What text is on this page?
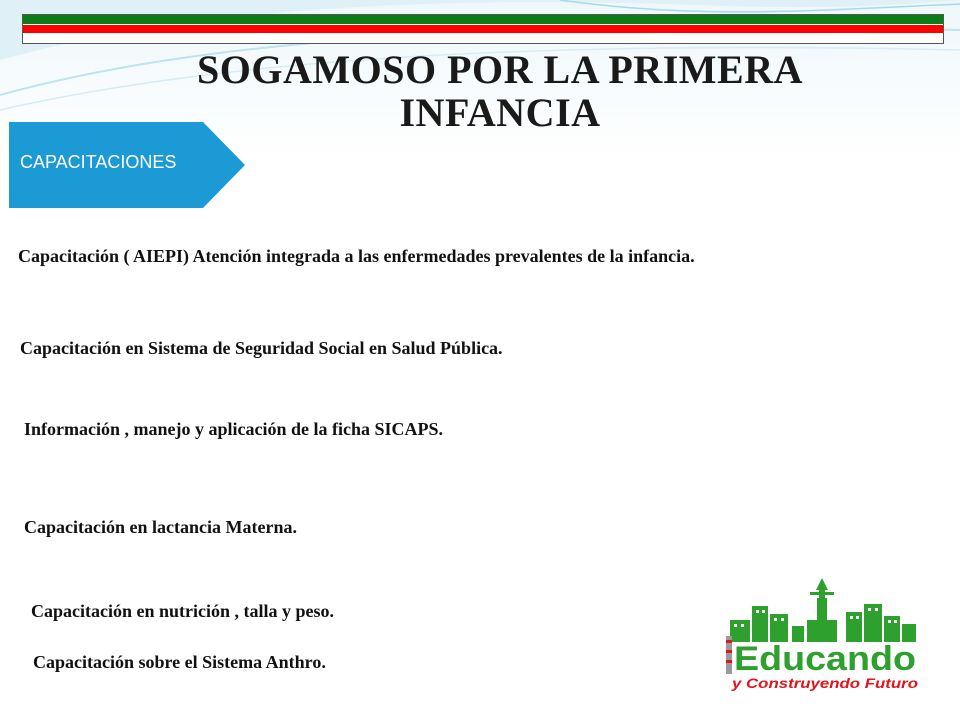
SOGAMOSO POR LA PRIMERA
INFANCIA
CAPACITACIONES
Capacitación ( AIEPI) Atención integrada a las enfermedades prevalentes de la infancia.
Capacitación en Sistema de Seguridad Social en Salud Pública.
Información , manejo y aplicación de la ficha SICAPS.
Capacitación en lactancia Materna.
Capacitación en nutrición , talla y peso.
Capacitación sobre el Sistema Anthro.	Educando
y Construyendo Futuro
